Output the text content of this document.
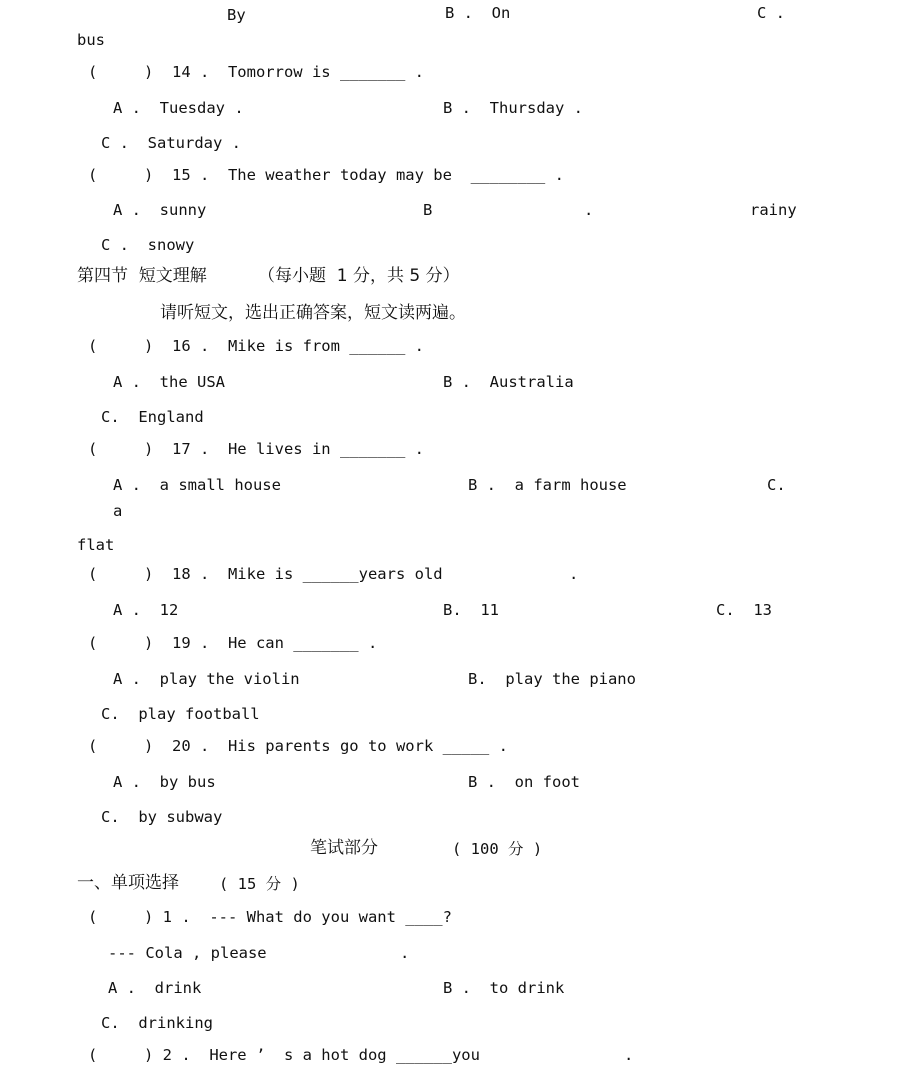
By	B .  On	C .
bus
(     )  14 .  Tomorrow is _______ .
A .  Tuesday .	B .  Thursday .
C .  Saturday .
(     )  15 .  The weather today may be  ________ .
A .  sunny	B	.	rainy
C .  snowy
第四节  短文理解	（每小题  1 分，共 5 分）
请听短文，选出正确答案，短文读两遍。
(     )  16 .  Mike is from ______ .
A .  the USA	B .  Australia
C.  England
(     )  17 .  He lives in _______ .
A .  a small house	B .  a farm house	C.
a
flat
(     )  18 .  Mike is ______years old	.
A .  12	B.  11	C.  13
(     )  19 .  He can _______ .
A .  play the violin	B.  play the piano
C.  play football
(     )  20 .  His parents go to work _____ .
A .  by bus	B .  on foot
C.  by subway
笔试部分	( 100 分 )
一、单项选择	( 15 分 )
(     ) 1 .  --- What do you want ____?
--- Cola , please	.
A .  drink	B .  to drink
C.  drinking
(     ) 2 .  Here ’  s a hot dog ______you	.
